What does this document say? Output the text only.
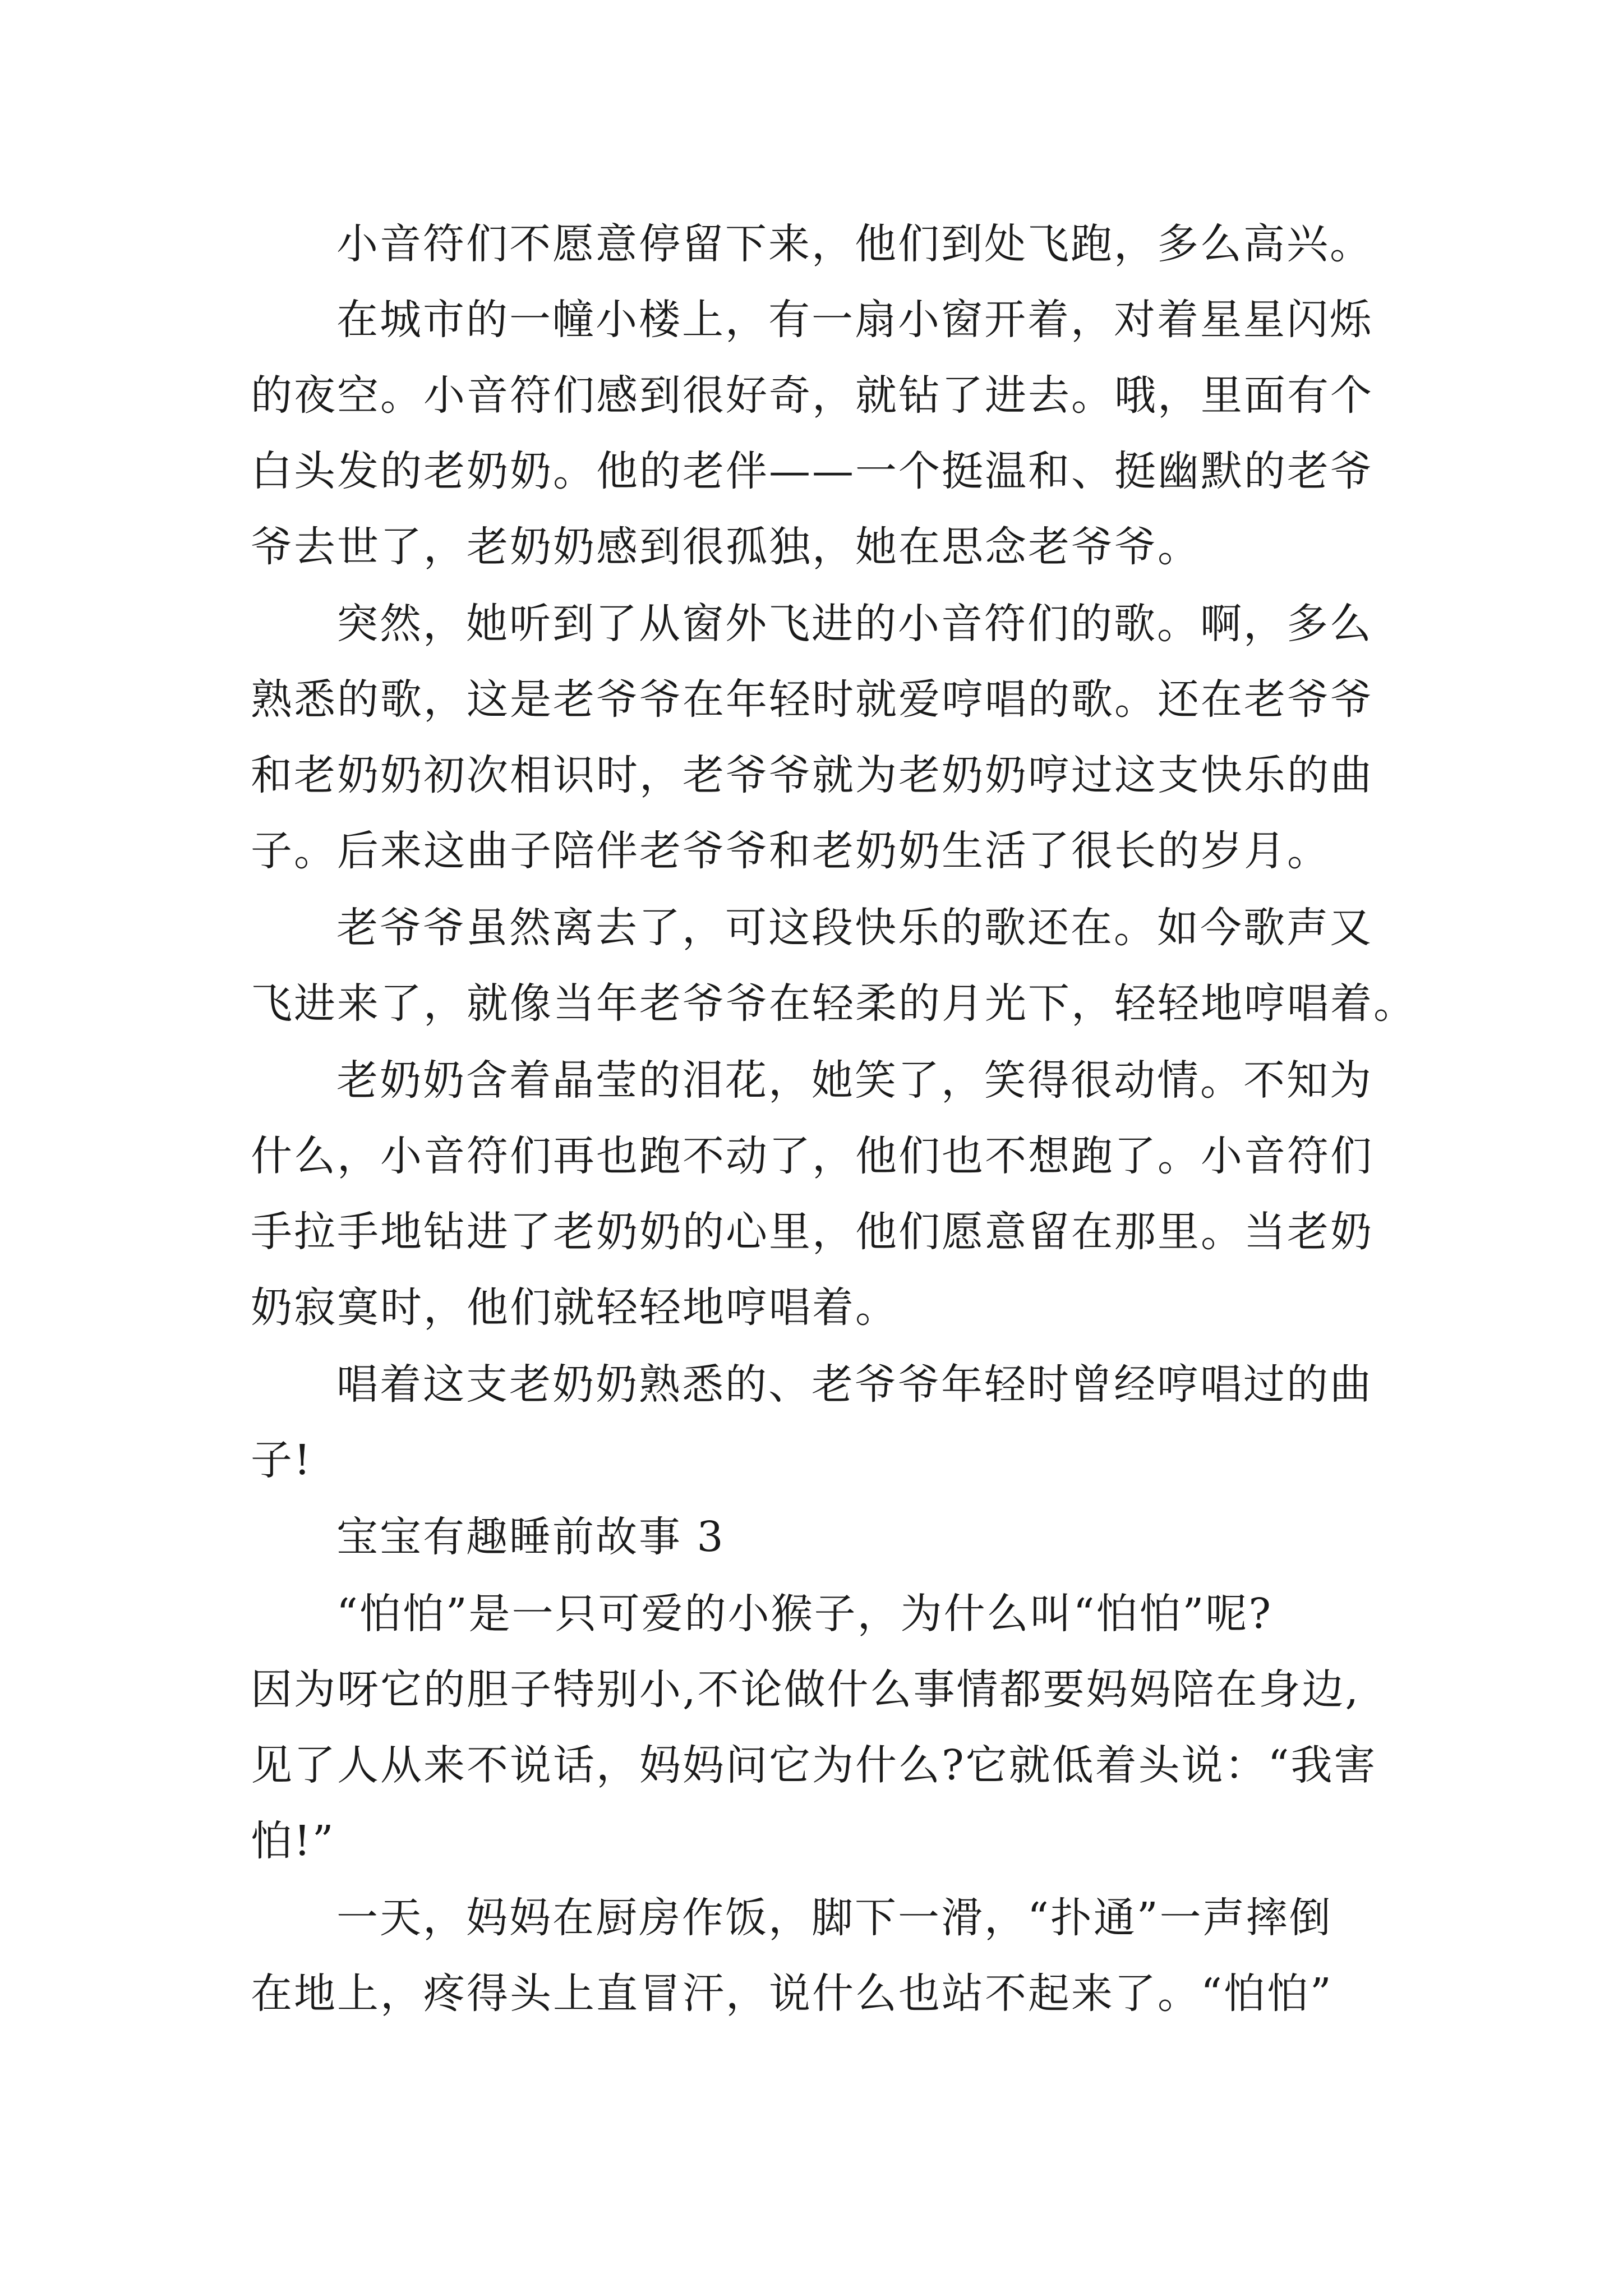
小音符们不愿意停留下来，他们到处飞跑，多么高兴。
在城市的一幢小楼上，有一扇小窗开着，对着星星闪烁
的夜空。小音符们感到很好奇，就钻了进去。哦，里面有个
白头发的老奶奶。他的老伴——一个挺温和、挺幽默的老爷
爷去世了，老奶奶感到很孤独，她在思念老爷爷。
突然，她听到了从窗外飞进的小音符们的歌。啊，多么
熟悉的歌，这是老爷爷在年轻时就爱哼唱的歌。还在老爷爷
和老奶奶初次相识时，老爷爷就为老奶奶哼过这支快乐的曲
子。后来这曲子陪伴老爷爷和老奶奶生活了很长的岁月。
老爷爷虽然离去了，可这段快乐的歌还在。如今歌声又
飞进来了，就像当年老爷爷在轻柔的月光下，轻轻地哼唱着。
老奶奶含着晶莹的泪花，她笑了，笑得很动情。不知为
什么，小音符们再也跑不动了，他们也不想跑了。小音符们
手拉手地钻进了老奶奶的心里，他们愿意留在那里。当老奶
奶寂寞时，他们就轻轻地哼唱着。
唱着这支老奶奶熟悉的、老爷爷年轻时曾经哼唱过的曲
子!
宝宝有趣睡前故事 3
“怕怕”是一只可爱的小猴子，为什么叫“怕怕”呢?
因为呀它的胆子特别小,不论做什么事情都要妈妈陪在身边,
见了人从来不说话，妈妈问它为什么?它就低着头说：“我害
怕!”
一天，妈妈在厨房作饭，脚下一滑，“扑通”一声摔倒
在地上，疼得头上直冒汗，说什么也站不起来了。“怕怕”
